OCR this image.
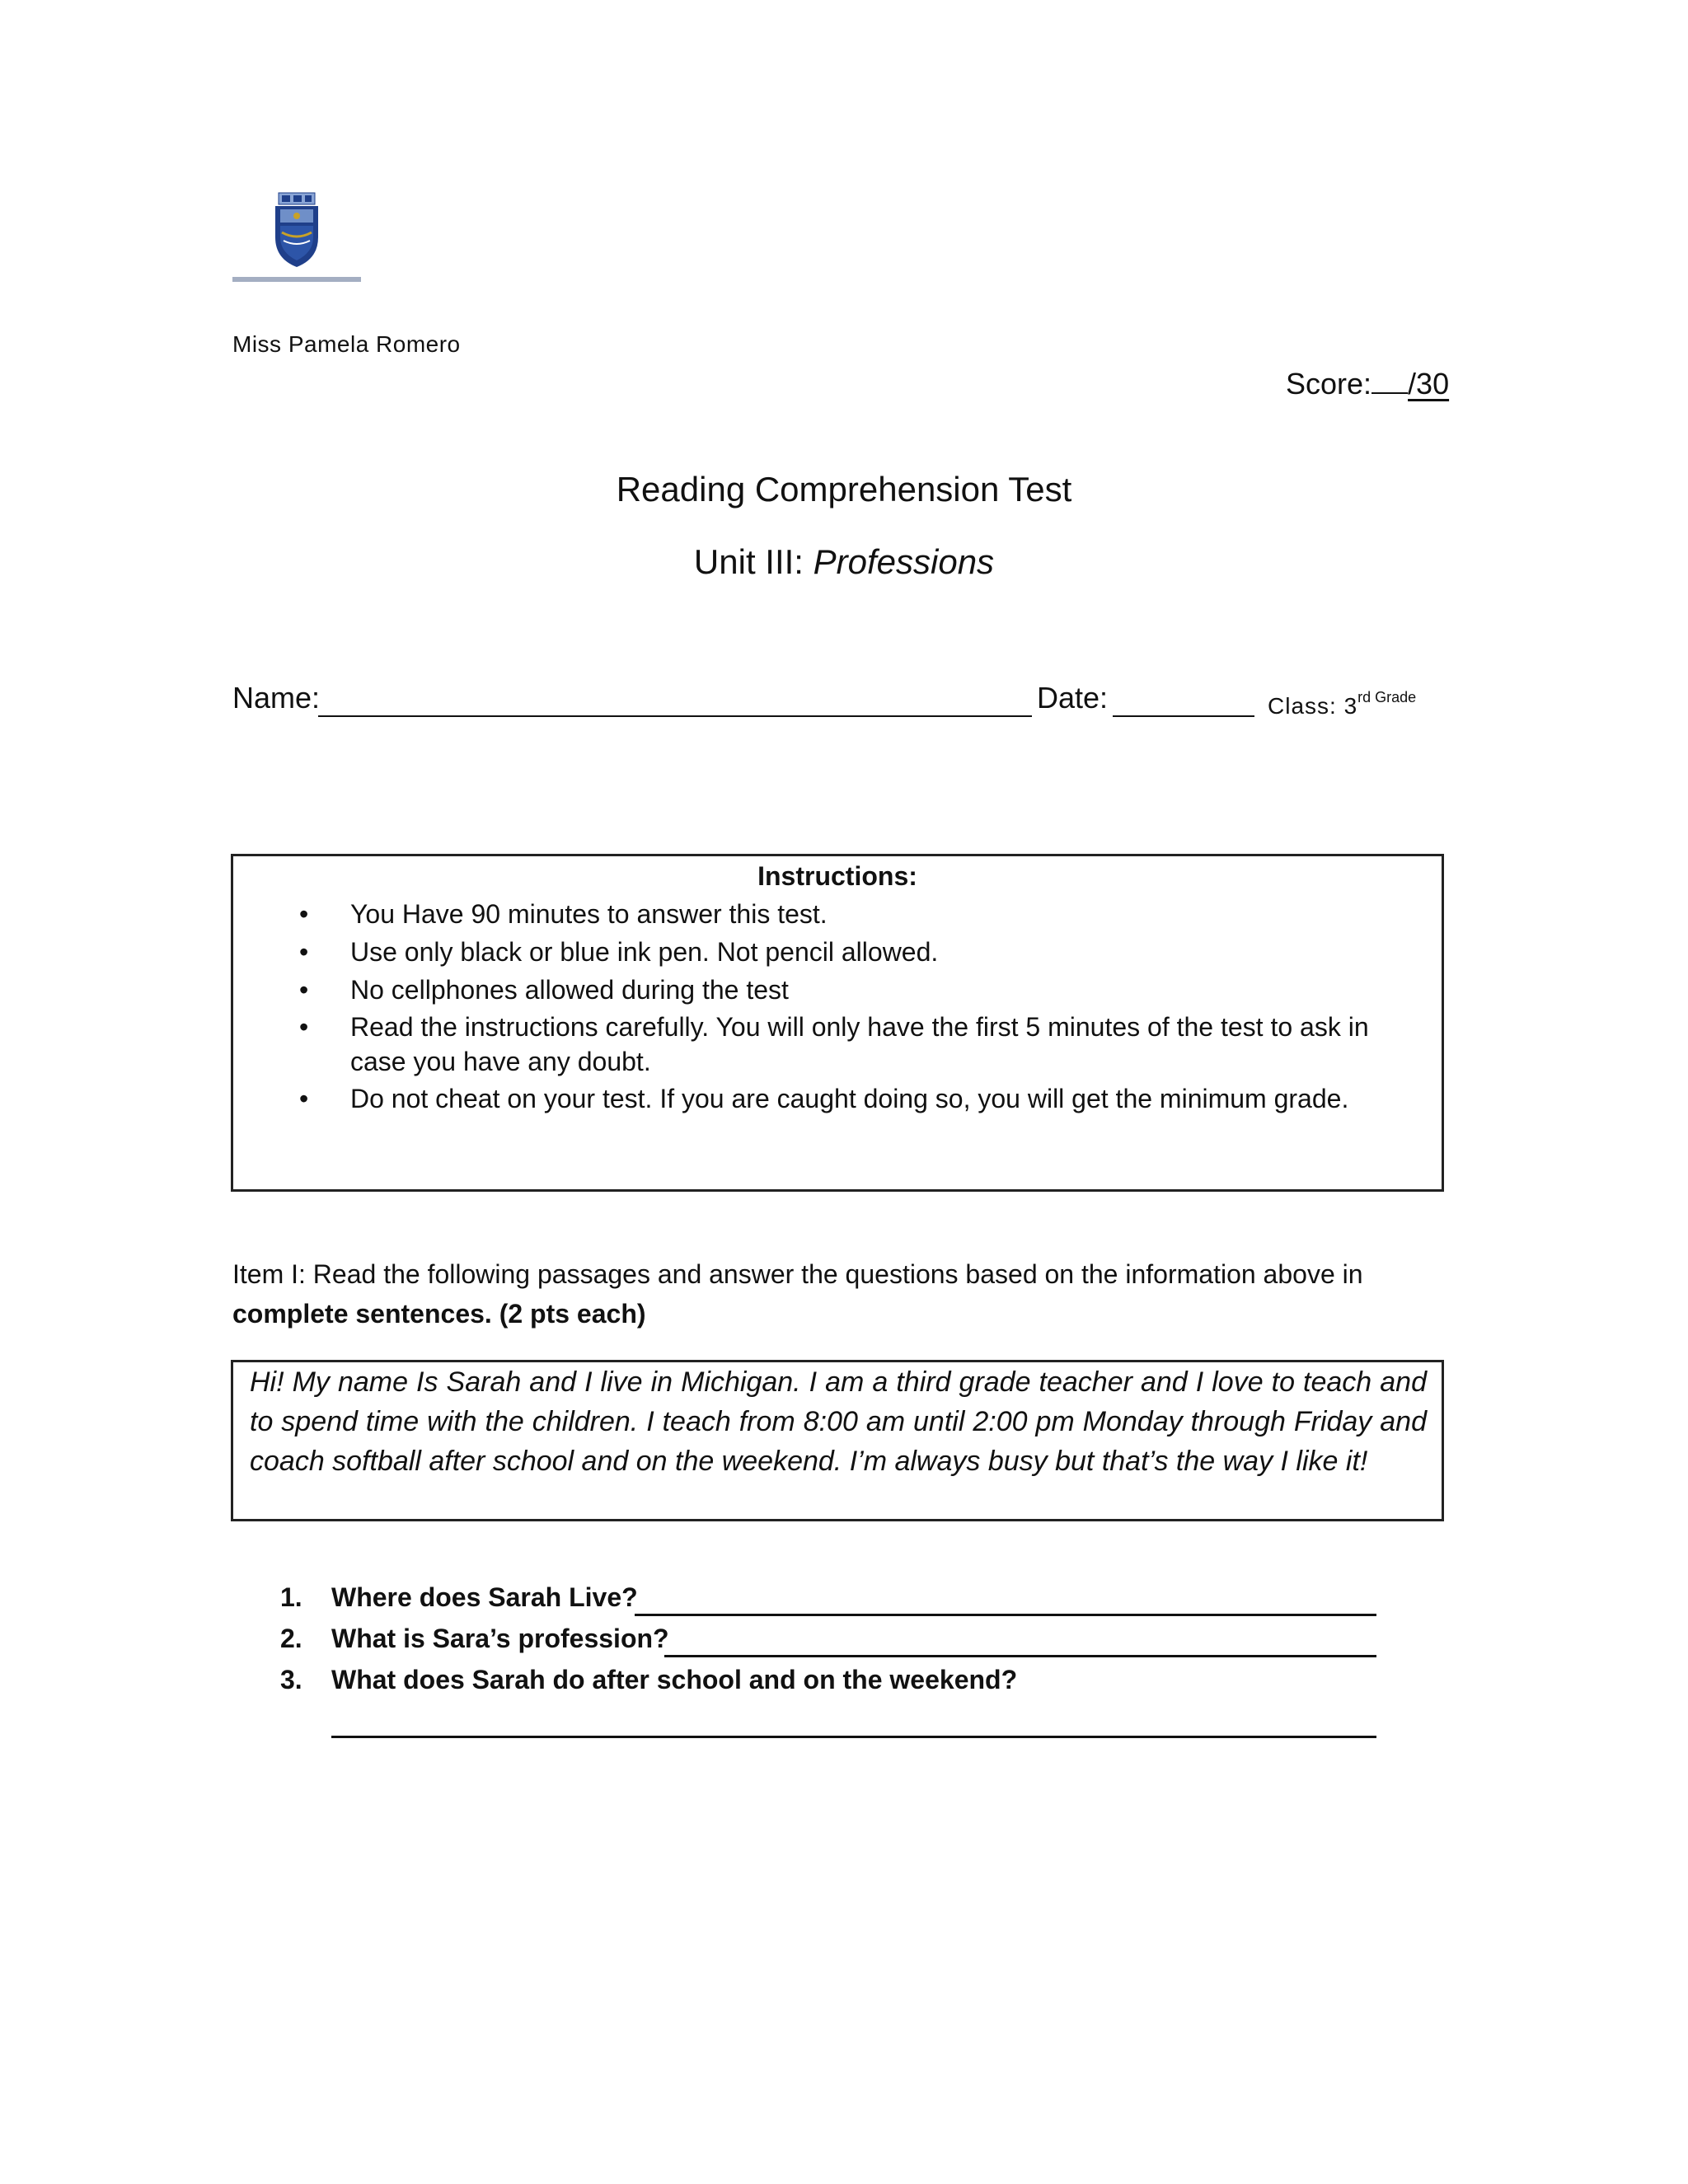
Miss Pamela Romero
Score: /30
Reading Comprehension Test
Unit III: Professions
Name:	Date:	Class: $3^{rd Grade}$
Instructions:
• You Have 90 minutes to answer this test.
• Use only black or blue ink pen. Not pencil allowed.
• No cellphones allowed during the test
• Read the instructions carefully. You will only have the first 5 minutes of the test to ask in case you have any doubt.
• Do not cheat on your test. If you are caught doing so, you will get the minimum grade.
Item I: Read the following passages and answer the questions based on the information above in
complete sentences. (2 pts each)
Hi! My name Is Sarah and I live in Michigan. I am a third grade teacher and I love to teach and to spend time with the children. I teach from 8:00 am until 2:00 pm Monday through Friday and coach softball after school and on the weekend. I’m always busy but that’s the way I like it!
1.	Where does Sarah Live?
2.	What is Sara’s profession?
3.	What does Sarah do after school and on the weekend?
